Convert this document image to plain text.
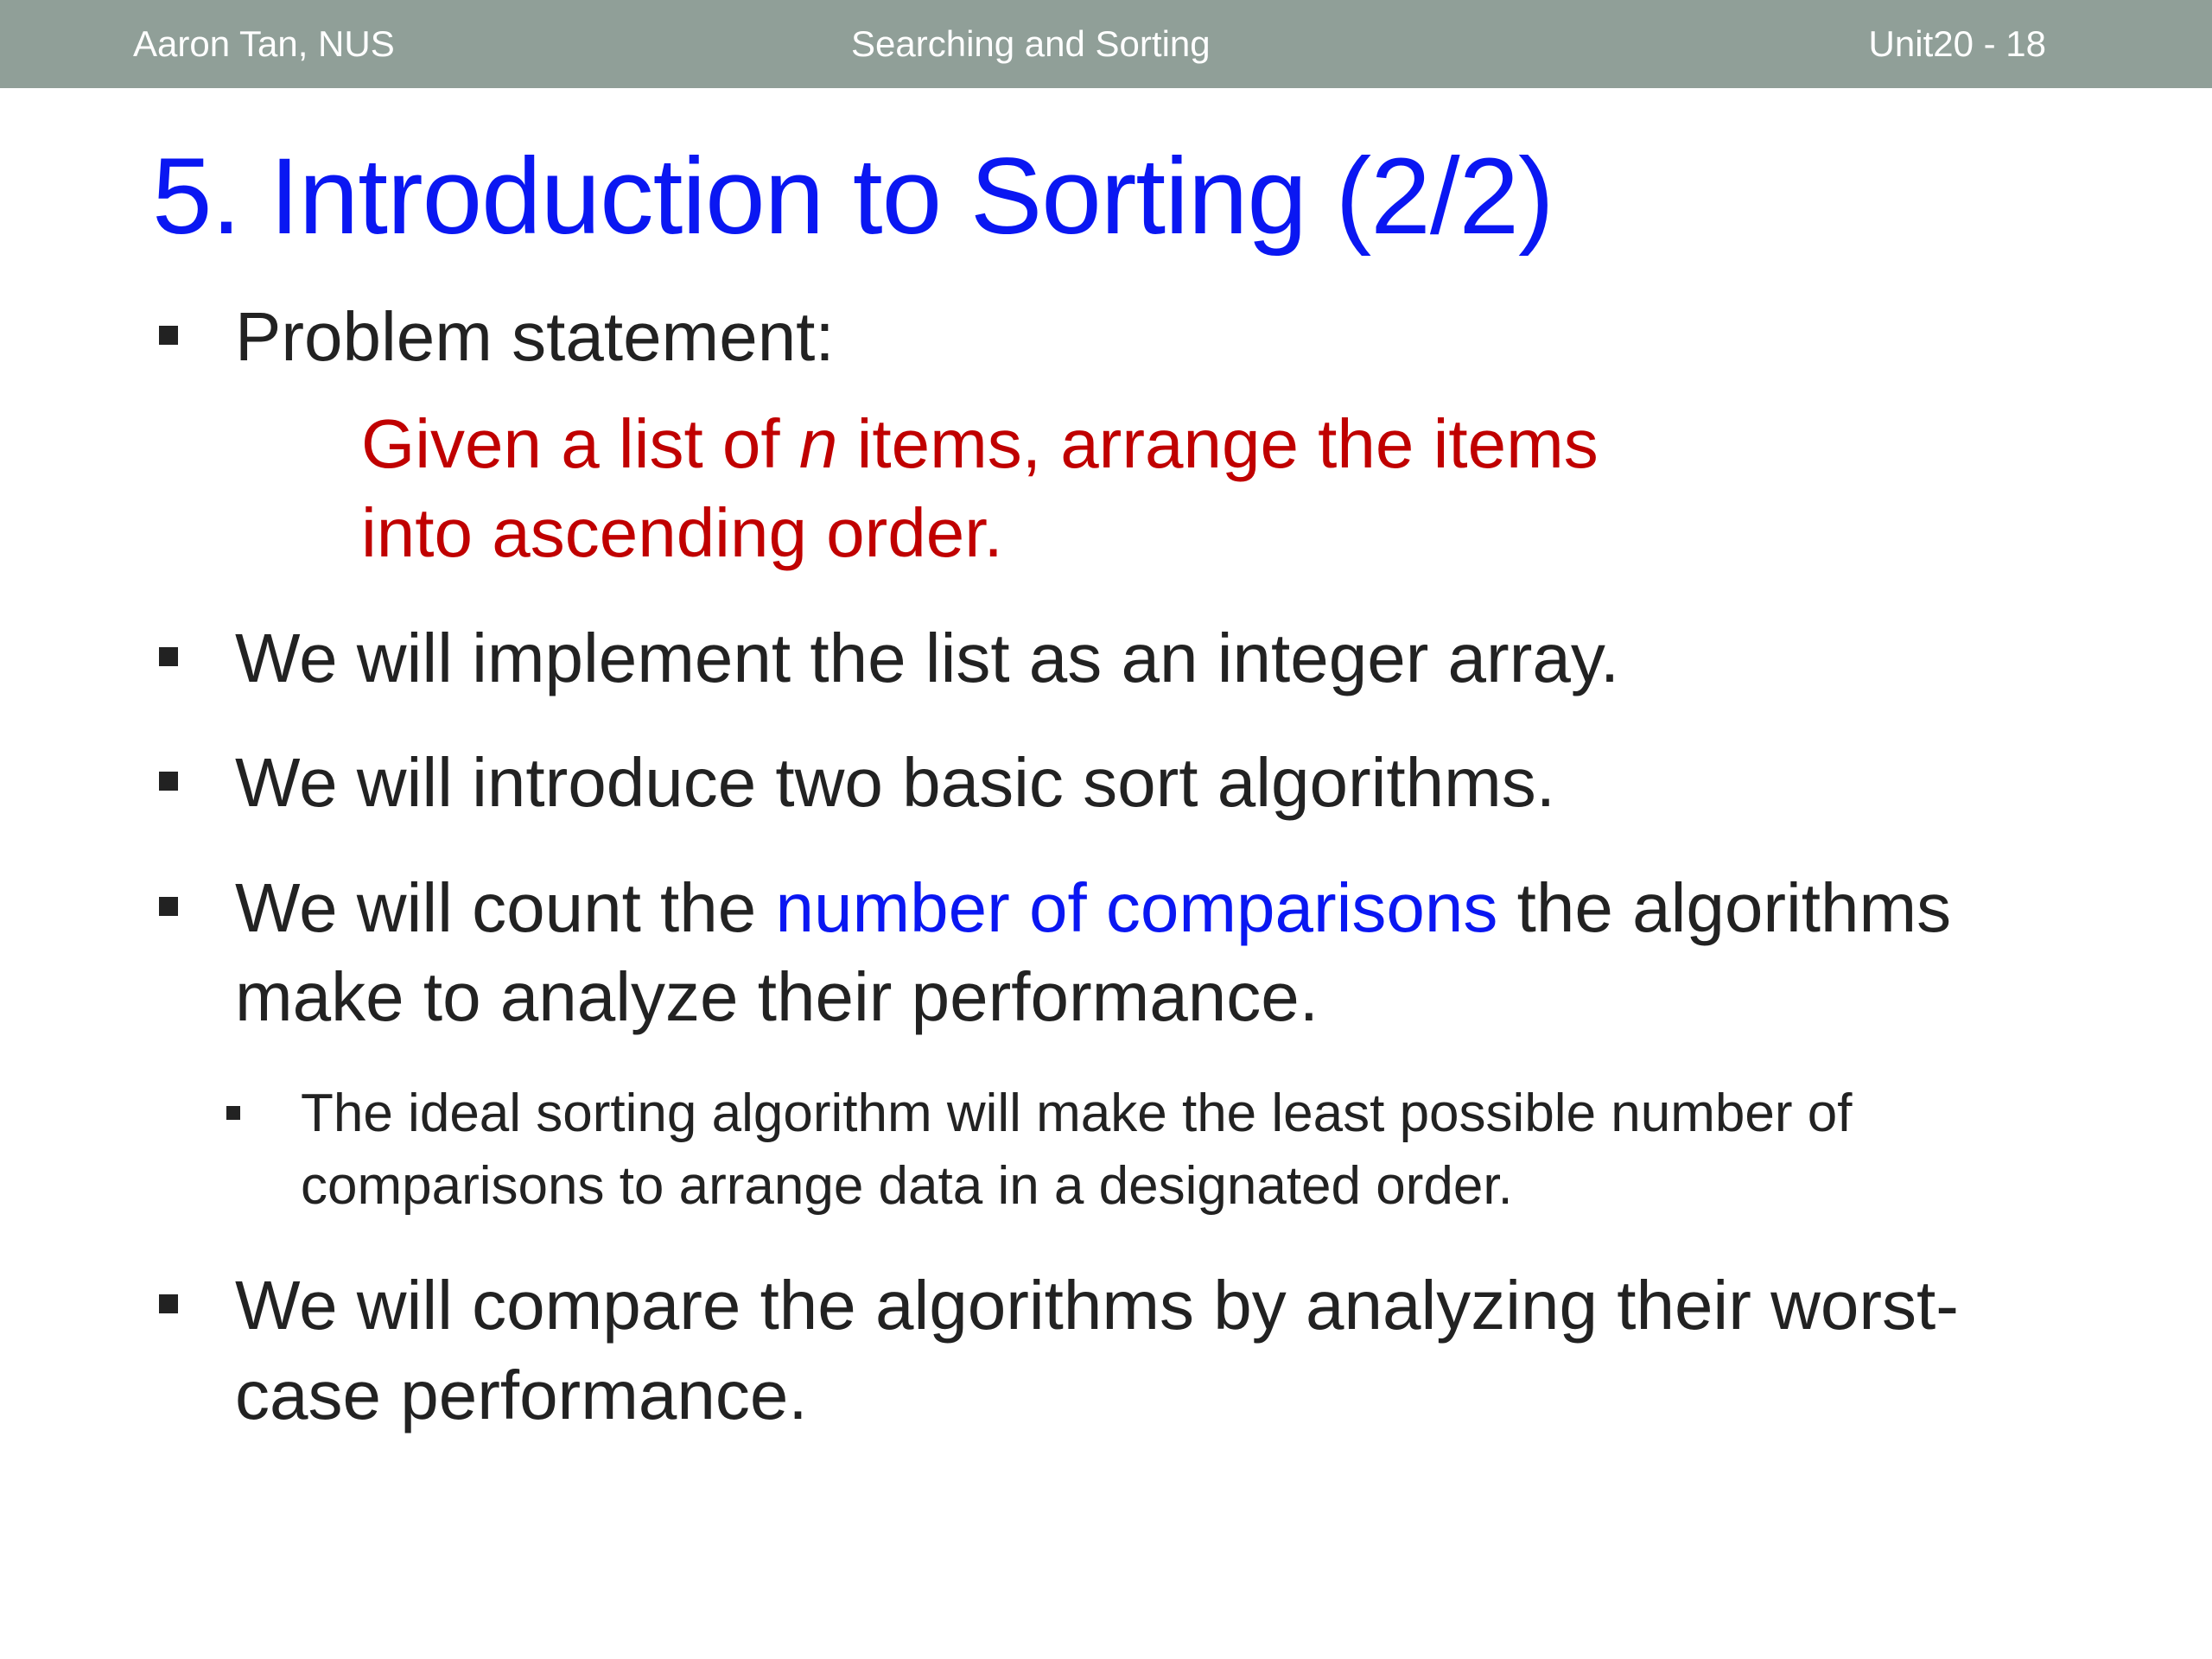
Aaron Tan, NUS	Searching and Sorting	Unit20 - 18
5. Introduction to Sorting (2/2)
Problem statement:
Given a list of n items, arrange the items
into ascending order.
We will implement the list as an integer array.
We will introduce two basic sort algorithms.
We will count the number of comparisons the algorithms
make to analyze their performance.
The ideal sorting algorithm will make the least possible number of
comparisons to arrange data in a designated order.
We will compare the algorithms by analyzing their worst-
case performance.
